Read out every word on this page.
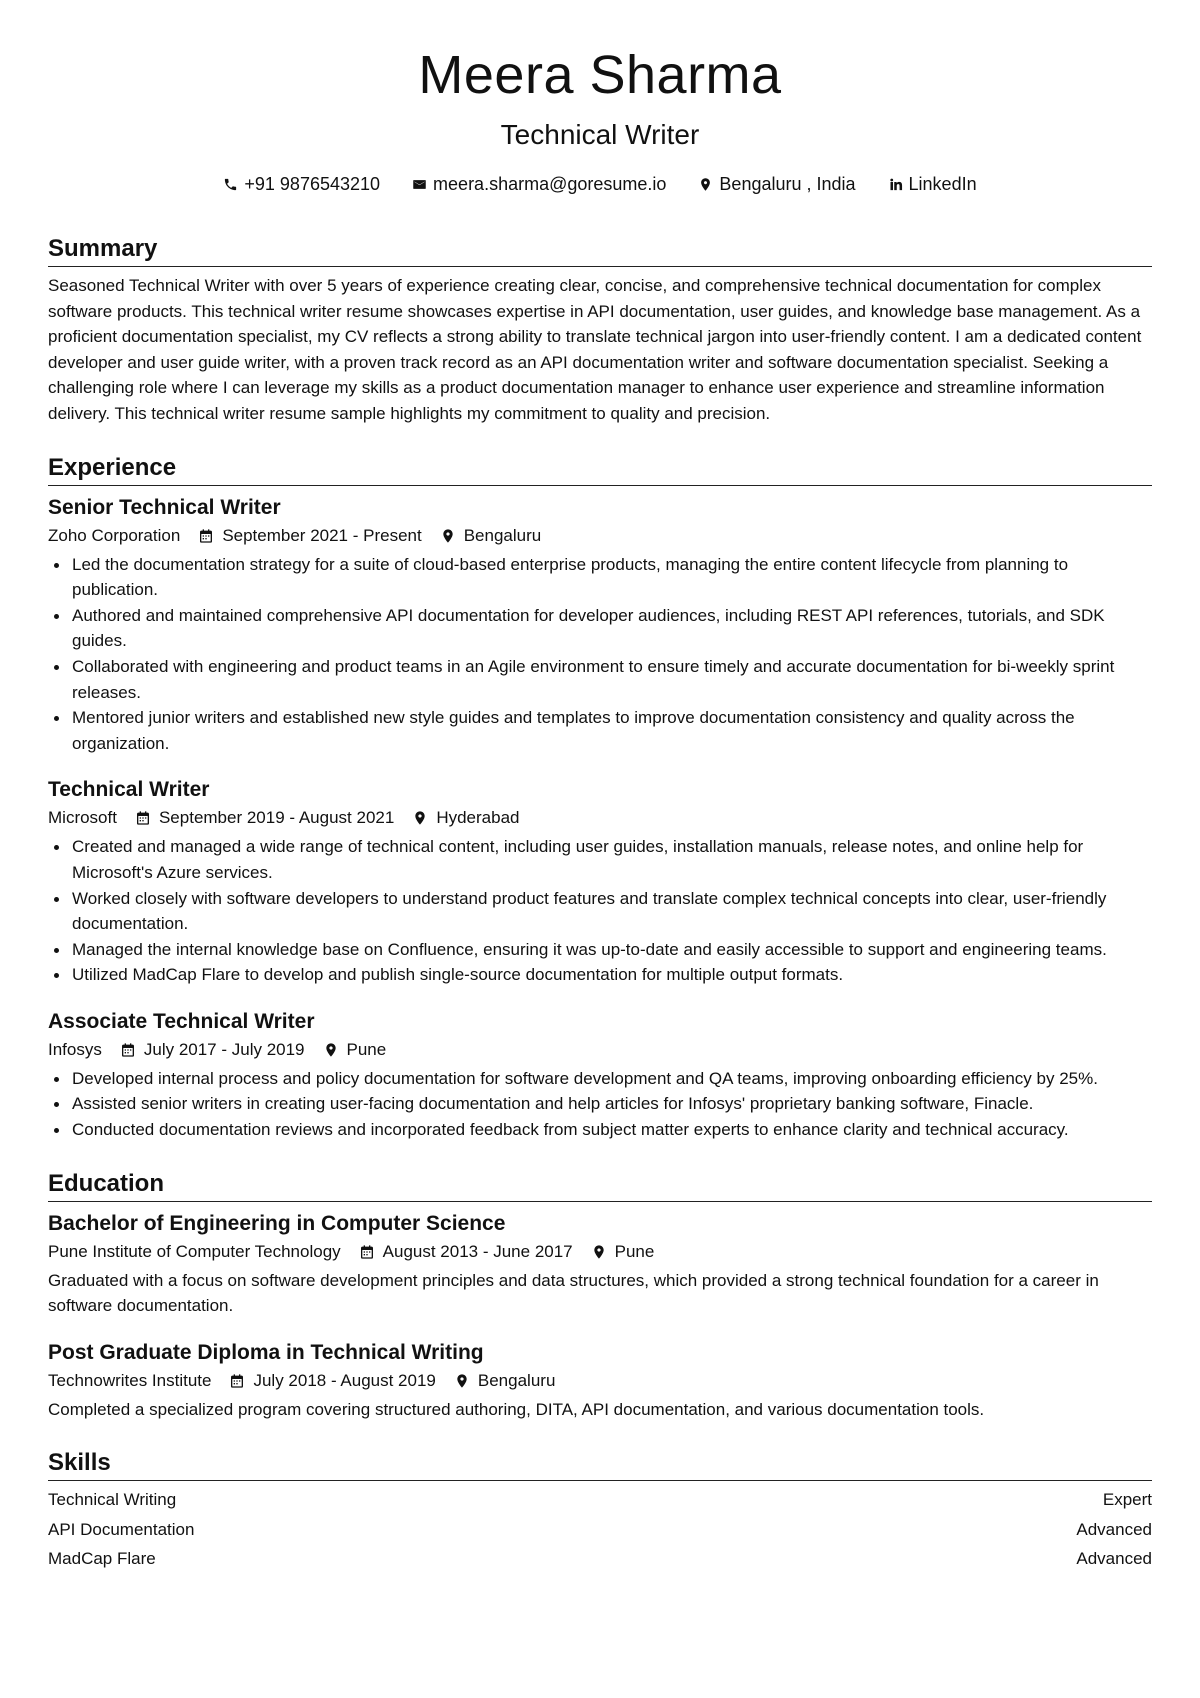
Meera Sharma
Technical Writer
+91 9876543210	meera.sharma@goresume.io	Bengaluru , India	LinkedIn
Summary

Seasoned Technical Writer with over 5 years of experience creating clear, concise, and comprehensive technical documentation for complex software products. This technical writer resume showcases expertise in API documentation, user guides, and knowledge base management. As a proficient documentation specialist, my CV reflects a strong ability to translate technical jargon into user-friendly content. I am a dedicated content developer and user guide writer, with a proven track record as an API documentation writer and software documentation specialist. Seeking a challenging role where I can leverage my skills as a product documentation manager to enhance user experience and streamline information delivery. This technical writer resume sample highlights my commitment to quality and precision.

Experience
Senior Technical Writer
Zoho Corporation September 2021 - Present Bengaluru
Led the documentation strategy for a suite of cloud-based enterprise products, managing the entire content lifecycle from planning to publication.
Authored and maintained comprehensive API documentation for developer audiences, including REST API references, tutorials, and SDK guides.
Collaborated with engineering and product teams in an Agile environment to ensure timely and accurate documentation for bi-weekly sprint releases.
Mentored junior writers and established new style guides and templates to improve documentation consistency and quality across the organization.
Technical Writer
Microsoft September 2019 - August 2021 Hyderabad
Created and managed a wide range of technical content, including user guides, installation manuals, release notes, and online help for Microsoft's Azure services.
Worked closely with software developers to understand product features and translate complex technical concepts into clear, user-friendly documentation.
Managed the internal knowledge base on Confluence, ensuring it was up-to-date and easily accessible to support and engineering teams.
Utilized MadCap Flare to develop and publish single-source documentation for multiple output formats.
Associate Technical Writer
Infosys July 2017 - July 2019 Pune
Developed internal process and policy documentation for software development and QA teams, improving onboarding efficiency by 25%.
Assisted senior writers in creating user-facing documentation and help articles for Infosys' proprietary banking software, Finacle.
Conducted documentation reviews and incorporated feedback from subject matter experts to enhance clarity and technical accuracy.
Education
Bachelor of Engineering in Computer Science
Pune Institute of Computer Technology August 2013 - June 2017 Pune

Graduated with a focus on software development principles and data structures, which provided a strong technical foundation for a career in software documentation.

Post Graduate Diploma in Technical Writing
Technowrites Institute July 2018 - August 2019 Bengaluru

Completed a specialized program covering structured authoring, DITA, API documentation, and various documentation tools.

Skills
Technical Writing	Expert
API Documentation	Advanced
MadCap Flare	Advanced
